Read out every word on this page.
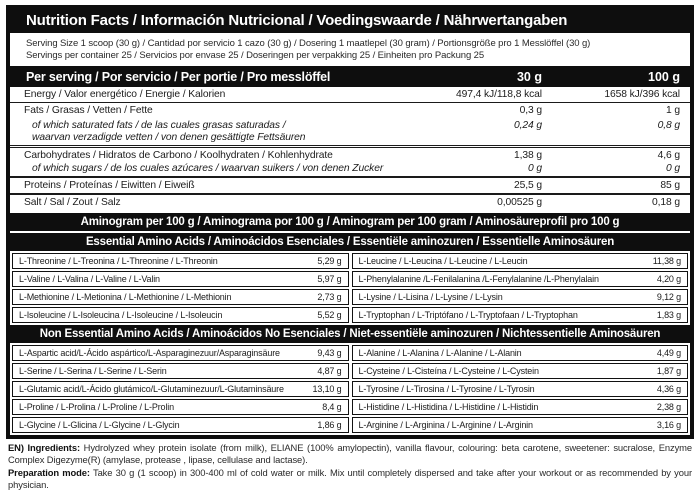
Nutrition Facts / Información Nutricional / Voedingswaarde / Nährwertangaben
Serving Size 1 scoop (30 g) / Cantidad por servicio 1 cazo (30 g) / Dosering 1 maatlepel (30 gram) / Portionsgröße pro 1 Messlöffel (30 g)
Servings per container 25 / Servicios por envase 25 / Doseringen per verpakking 25 / Einheiten pro Packung 25
Per serving / Por servicio / Per portie / Pro messlöffel	30 g	100 g
Energy / Valor energético / Energie / Kalorien	497,4 kJ/118,8 kcal	1658 kJ/396 kcal
Fats / Grasas / Vetten / Fette	0,3 g	1 g
of which saturated fats / de las cuales grasas saturadas /	0,24 g	0,8 g
waarvan verzadigde vetten / von denen gesättigte Fettsäuren
Carbohydrates / Hidratos de Carbono / Koolhydraten / Kohlenhydrate	1,38 g	4,6 g
of which sugars / de los cuales azúcares / waarvan suikers / von denen Zucker	0 g	0 g
Proteins / Proteínas / Eiwitten / Eiweiß	25,5 g	85 g
Salt / Sal / Zout / Salz	0,00525 g	0,18 g
Aminogram per 100 g / Aminograma por 100 g / Aminogram per 100 gram / Aminosäureprofil pro 100 g
Essential Amino Acids / Aminoácidos Esenciales / Essentiële aminozuren / Essentielle Aminosäuren
L-Threonine / L-Treonina / L-Threonine / L-Threonin	5,29 g L-Leucine / L-Leucina / L-Leucine / L-Leucin	11,38 g
L-Valine / L-Valina / L-Valine / L-Valin	5,97 g L-Phenylalanine /L-Fenilalanina /L-Fenylalanine /L-Phenylalain	4,20 g
L-Methionine / L-Metionina / L-Methionine / L-Methionin	2,73 g L-Lysine / L-Lisina / L-Lysine / L-Lysin	9,12 g
L-Isoleucine / L-Isoleucina / L-Isoleucine / L-Isoleucin	5,52 g L-Tryptophan / L-Triptófano / L-Tryptofaan / L-Tryptophan	1,83 g
Non Essential Amino Acids / Aminoácidos No Esenciales / Niet-essentiële aminozuren / Nichtessentielle Aminosäuren
L-Aspartic acid/L-Ácido aspártico/L-Asparaginezuur/Asparaginsäure	9,43 g L-Alanine / L-Alanina / L-Alanine / L-Alanin	4,49 g
L-Serine / L-Serina / L-Serine / L-Serin	4,87 g L-Cysteine / L-Cisteína / L-Cysteine / L-Cystein	1,87 g
L-Glutamic acid/L-Ácido glutámico/L-Glutaminezuur/L-Glutaminsäure	13,10 g L-Tyrosine / L-Tirosina / L-Tyrosine / L-Tyrosin	4,36 g
L-Proline / L-Prolina / L-Proline / L-Prolin	8,4 g L-Histidine / L-Histidina / L-Histidine / L-Histidin	2,38 g
L-Glycine / L-Glicina / L-Glycine / L-Glycin	1,86 g L-Arginine / L-Arginina / L-Arginine / L-Arginin	3,16 g

EN) Ingredients: Hydrolyzed whey protein isolate (from milk), ELIANE (100% amylopectin), vanilla flavour, colouring: beta carotene, sweetener: sucralose, Enzyme Complex Digezyme(R) (amylase, protease , lipase, cellulase and lactase).

Preparation mode: Take 30 g (1 scoop) in 300-400 ml of cold water or milk. Mix until completely dispersed and take after your workout or as recommended by your physician.
